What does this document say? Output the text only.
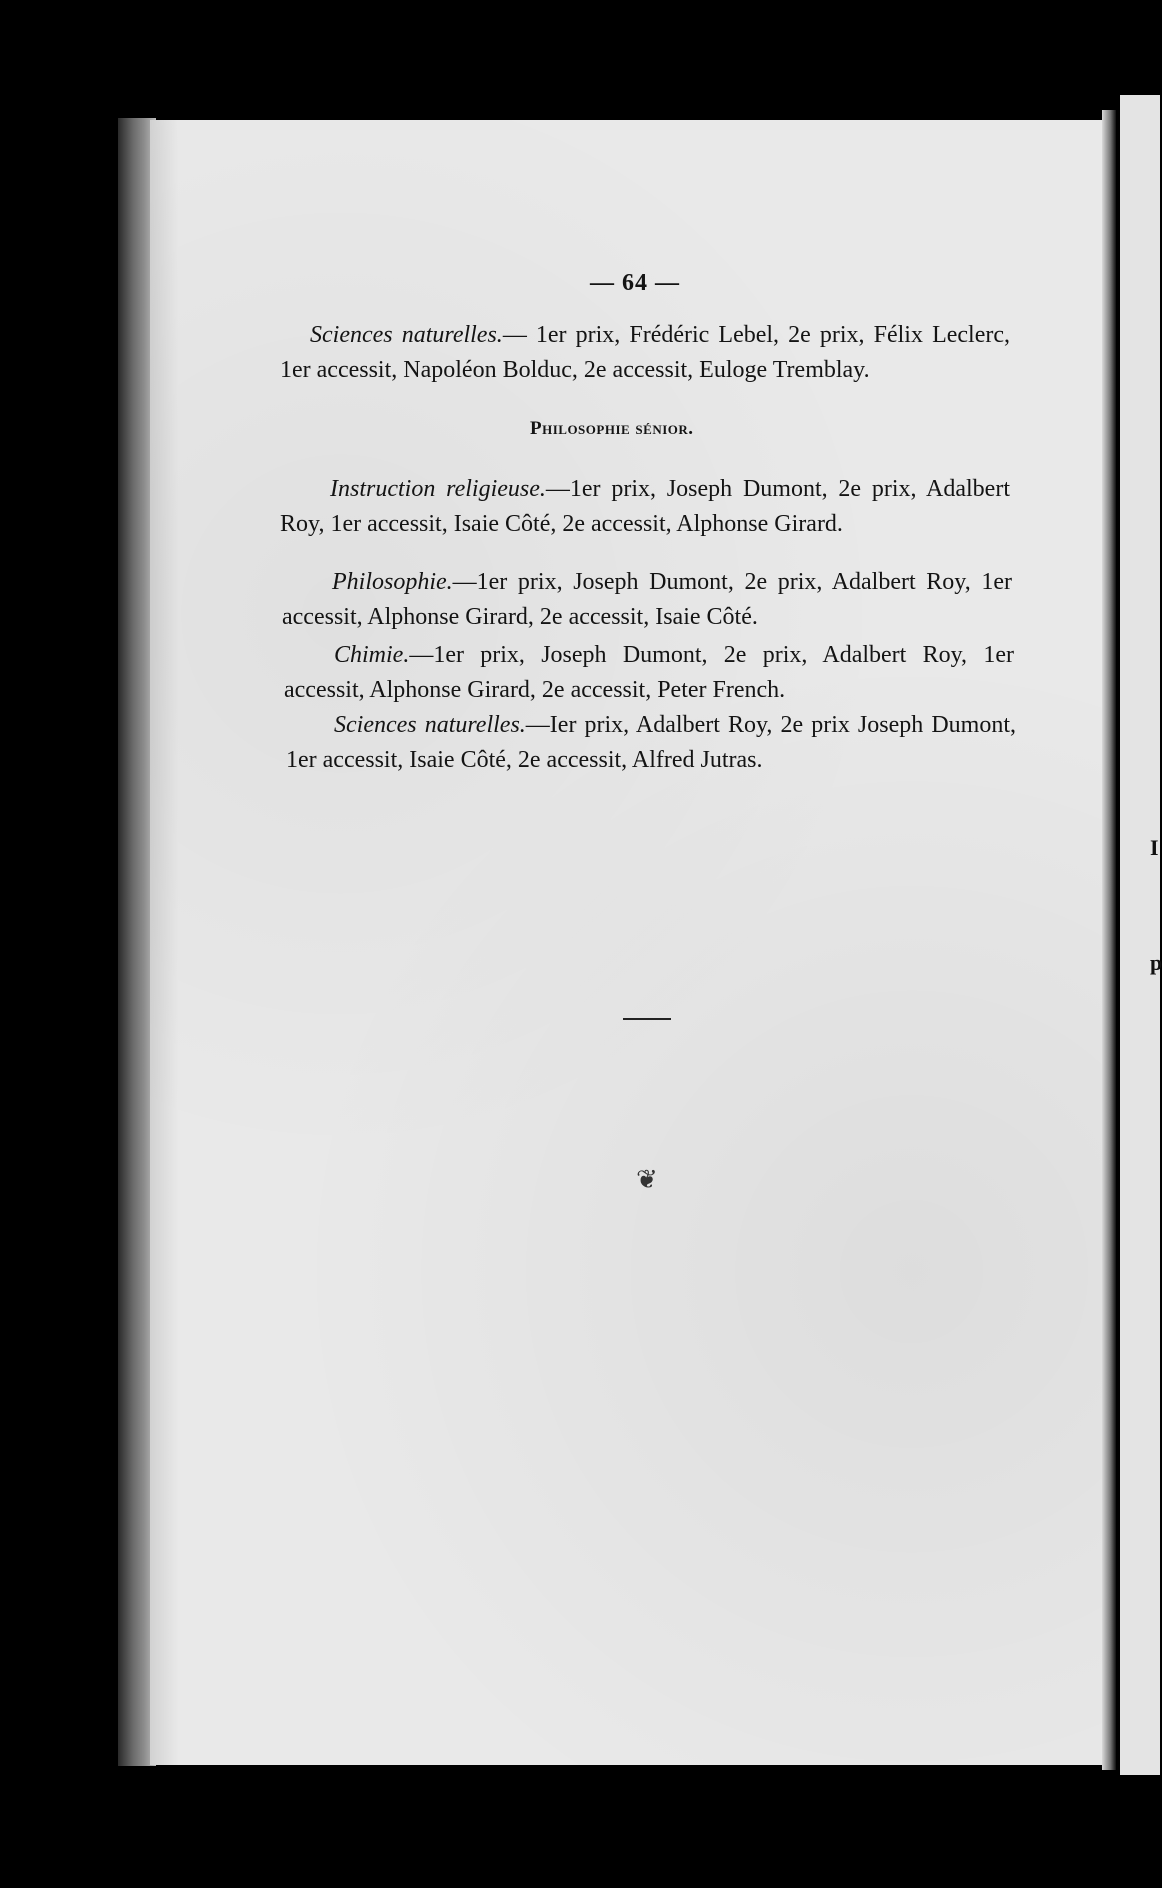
I
p
— 64 —
Sciences naturelles.— 1er prix, Frédéric Lebel, 2e prix, Félix Leclerc, 1er accessit, Napoléon Bolduc, 2e accessit, Euloge Tremblay.
Philosophie sénior.
Instruction religieuse.—1er prix, Joseph Dumont, 2e prix, Adalbert Roy, 1er accessit, Isaie Côté, 2e accessit, Alphonse Girard.
Philosophie.—1er prix, Joseph Dumont, 2e prix, Adalbert Roy, 1er accessit, Alphonse Girard, 2e accessit, Isaie Côté.
Chimie.—1er prix, Joseph Dumont, 2e prix, Adalbert Roy, 1er accessit, Alphonse Girard, 2e accessit, Peter French.
Sciences naturelles.—Ier prix, Adalbert Roy, 2e prix Joseph Dumont, 1er accessit, Isaie Côté, 2e accessit, Alfred Jutras.
❦
